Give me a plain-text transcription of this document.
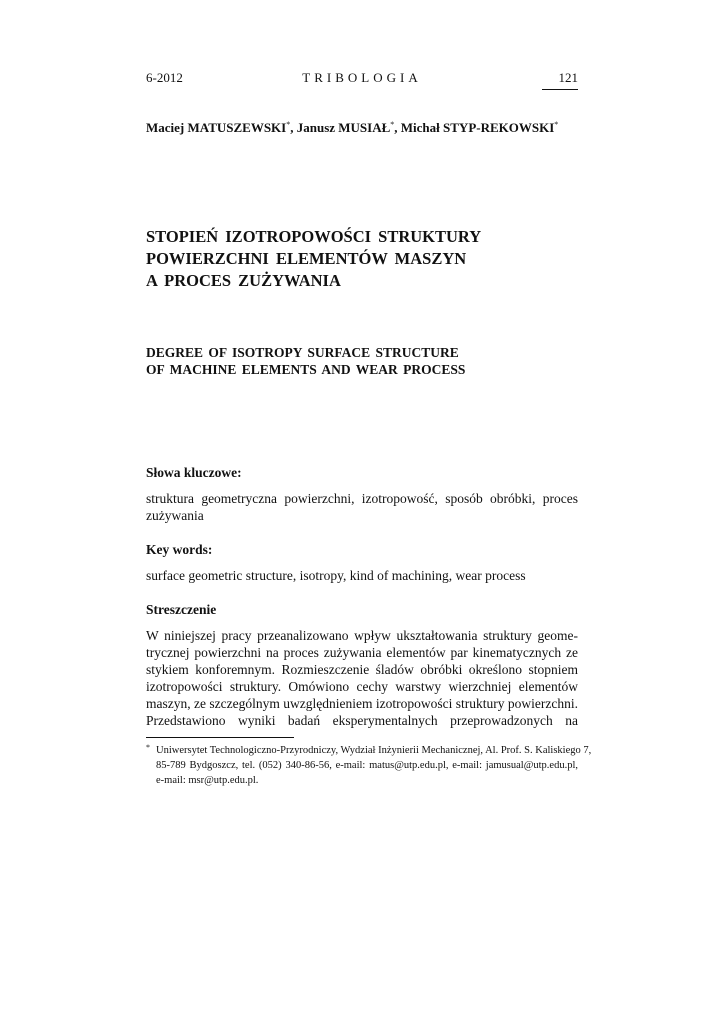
6-2012	TRIBOLOGIA	121
Maciej MATUSZEWSKI*, Janusz MUSIAŁ*, Michał STYP-REKOWSKI*
STOPIEŃ IZOTROPOWOŚCI STRUKTURY
POWIERZCHNI ELEMENTÓW MASZYN
A PROCES ZUŻYWANIA
DEGREE OF ISOTROPY SURFACE STRUCTURE
OF MACHINE ELEMENTS AND WEAR PROCESS
Słowa kluczowe:
struktura geometryczna powierzchni, izotropowość, sposób obróbki, proces
zużywania
Key words:
surface geometric structure, isotropy, kind of machining, wear process
Streszczenie
W niniejszej pracy przeanalizowano wpływ ukształtowania struktury geome-
trycznej powierzchni na proces zużywania elementów par kinematycznych ze
stykiem konforemnym. Rozmieszczenie śladów obróbki określono stopniem
izotropowości struktury. Omówiono cechy warstwy wierzchniej elementów
maszyn, ze szczególnym uwzględnieniem izotropowości struktury powierzchni.
Przedstawiono wyniki badań eksperymentalnych przeprowadzonych na
* Uniwersytet Technologiczno-Przyrodniczy, Wydział Inżynierii Mechanicznej, Al. Prof. S. Kaliskiego 7,
85-789 Bydgoszcz, tel. (052) 340-86-56, e-mail: matus@utp.edu.pl, e-mail: jamusual@utp.edu.pl,
e-mail: msr@utp.edu.pl.
